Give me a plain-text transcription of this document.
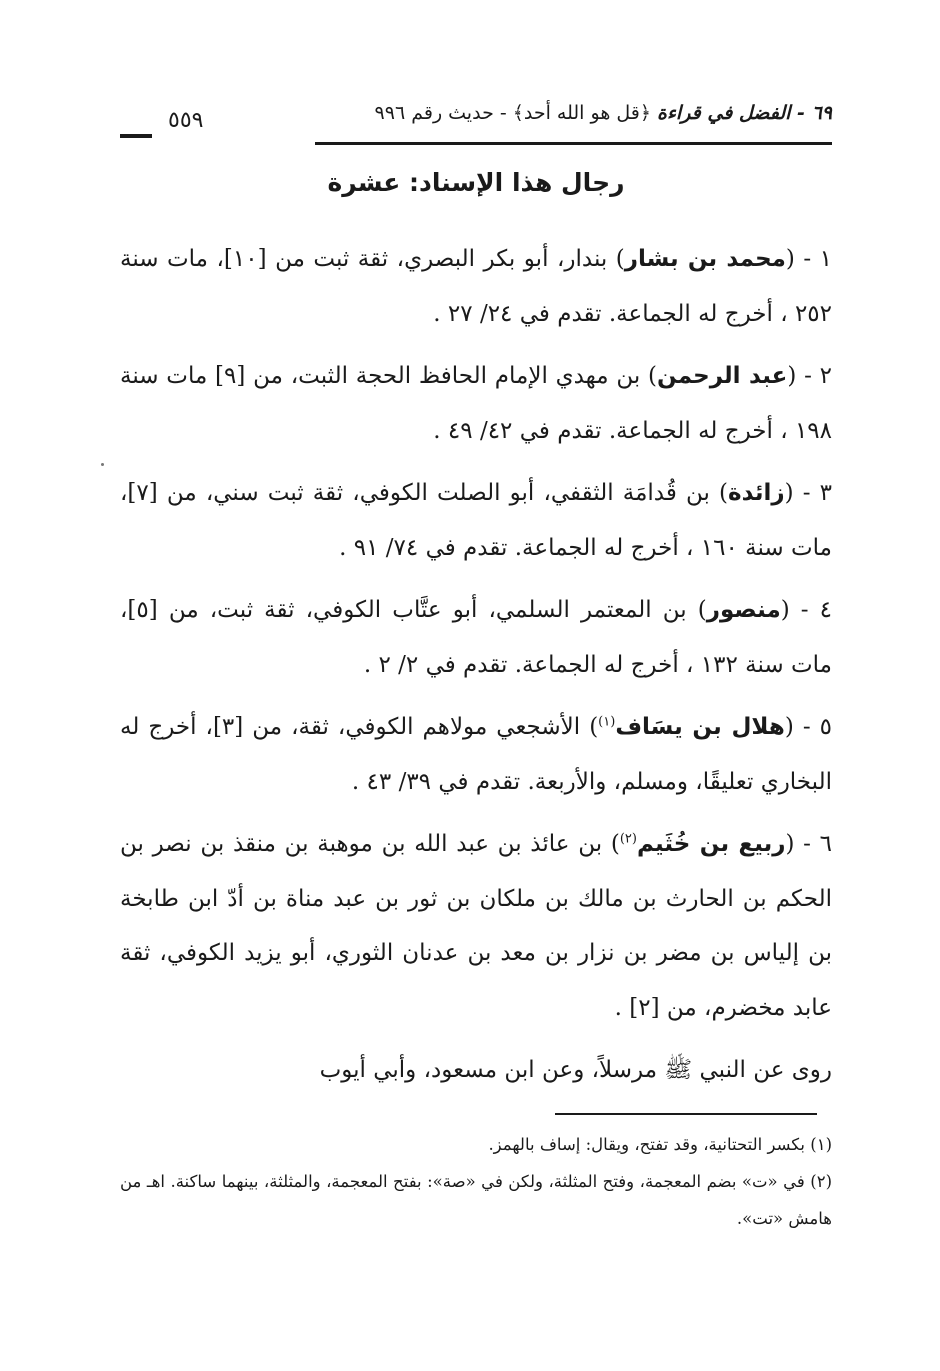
٦٩ - الفضل في قراءة ﴿قل هو الله أحد﴾ - حديث رقم ٩٩٦
٥٥٩
رجال هذا الإسناد: عشرة

١ - (محمد بن بشار) بندار، أبو بكر البصري، ثقة ثبت من [١٠]، مات سنة ٢٥٢ ، أخرج له الجماعة. تقدم في ٢٤/ ٢٧ .

٢ - (عبد الرحمن) بن مهدي الإمام الحافظ الحجة الثبت، من [٩] مات سنة ١٩٨ ، أخرج له الجماعة. تقدم في ٤٢/ ٤٩ .

٣ - (زائدة) بن قُدامَة الثقفي، أبو الصلت الكوفي، ثقة ثبت سني، من [٧]، مات سنة ١٦٠ ، أخرج له الجماعة. تقدم في ٧٤/ ٩١ .

٤ - (منصور) بن المعتمر السلمي، أبو عتَّاب الكوفي، ثقة ثبت، من [٥]، مات سنة ١٣٢ ، أخرج له الجماعة. تقدم في ٢/ ٢ .

٥ - (هلال بن يسَاف$^{(١)}$) الأشجعي مولاهم الكوفي، ثقة، من [٣]، أخرج له البخاري تعليقًا، ومسلم، والأربعة. تقدم في ٣٩/ ٤٣ .

٦ - (ربيع بن خُثَيم$^{(٢)}$) بن عائذ بن عبد الله بن موهبة بن منقذ بن نصر بن الحكم بن الحارث بن مالك بن ملكان بن ثور بن عبد مناة بن أدّ ابن طابخة بن إلياس بن مضر بن نزار بن معد بن عدنان الثوري، أبو يزيد الكوفي، ثقة عابد مخضرم، من [٢] .

روى عن النبي ﷺ مرسلاً، وعن ابن مسعود، وأبي أيوب

(١) بكسر التحتانية، وقد تفتح، ويقال: إساف بالهمز.

(٢) في «ت» بضم المعجمة، وفتح المثلثة، ولكن في «صة»: بفتح المعجمة، والمثلثة، بينهما ساكنة. اهـ من هامش «تت».
